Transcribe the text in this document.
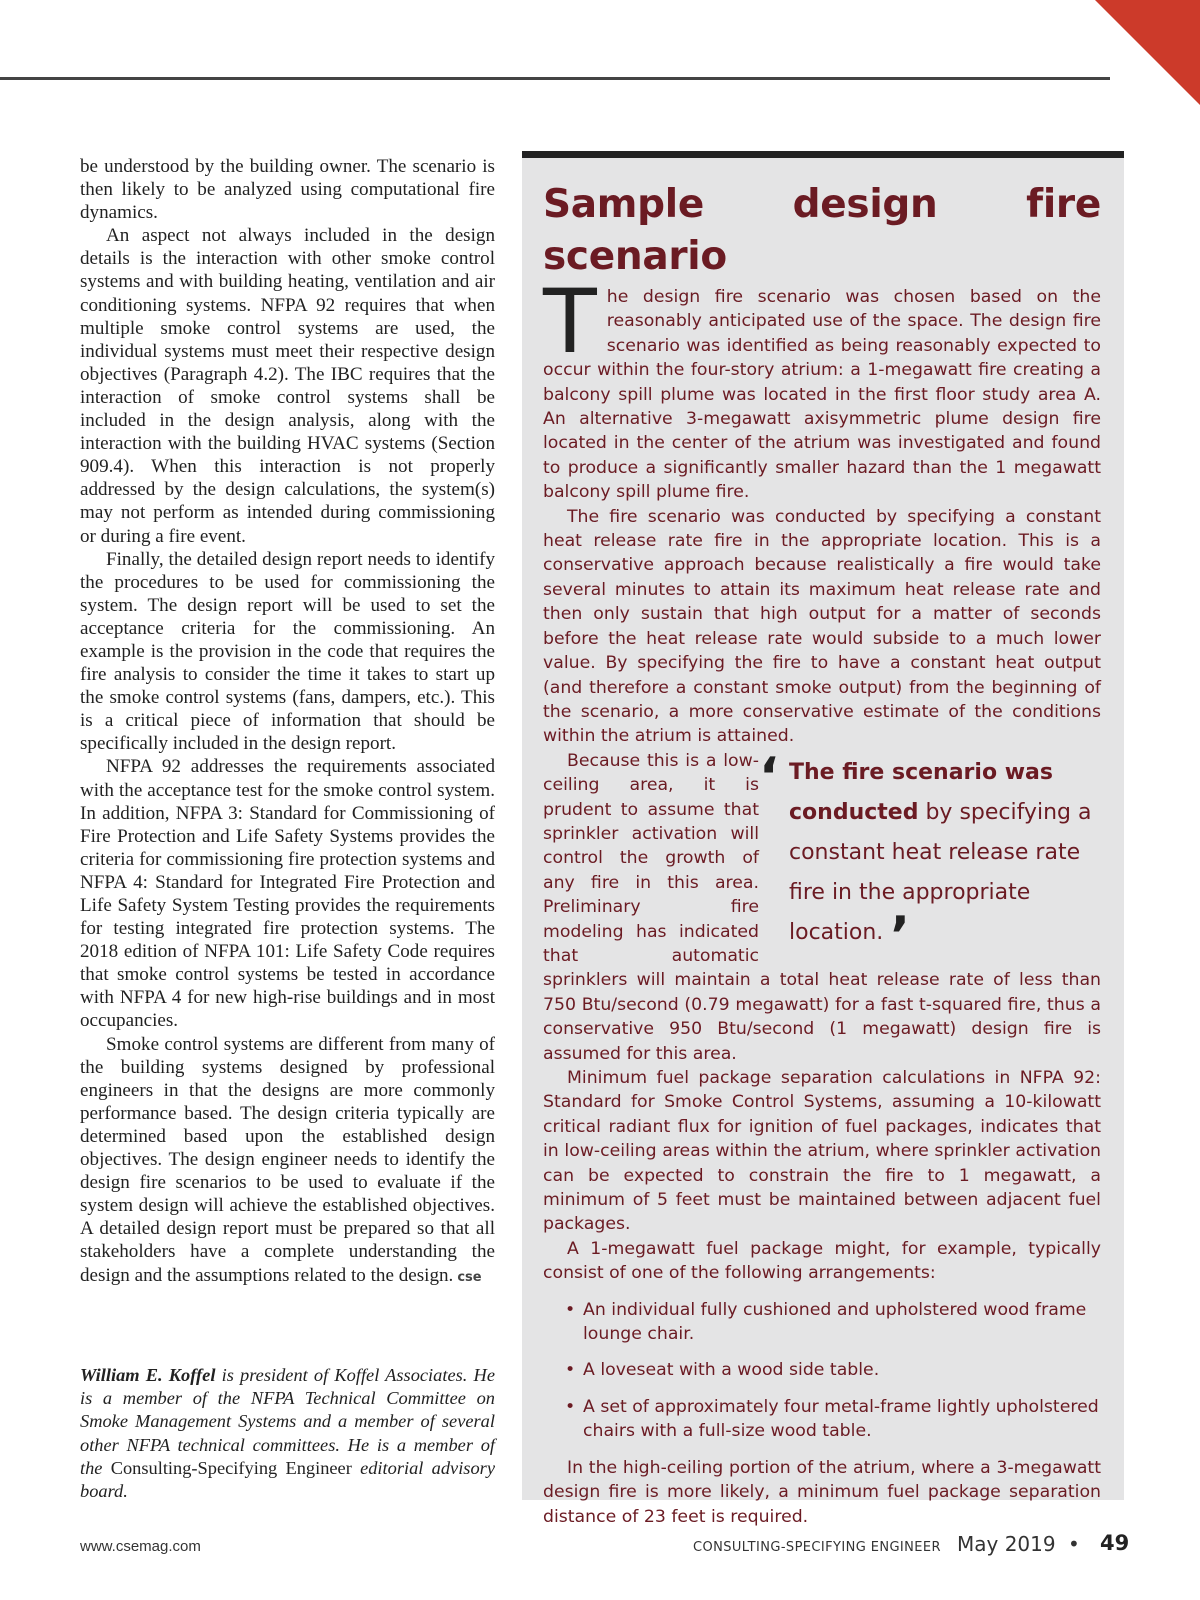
be understood by the building owner. The scenario is then likely to be analyzed using computational fire dynamics.

An aspect not always included in the design details is the interaction with other smoke control systems and with building heating, ventilation and air conditioning systems. NFPA 92 requires that when multiple smoke control systems are used, the individual systems must meet their respective design objectives (Paragraph 4.2). The IBC requires that the interaction of smoke control systems shall be included in the design analysis, along with the interaction with the building HVAC systems (Section 909.4). When this interaction is not properly addressed by the design calculations, the system(s) may not perform as intended during commissioning or during a fire event.

Finally, the detailed design report needs to identify the procedures to be used for commissioning the system. The design report will be used to set the acceptance criteria for the commissioning. An example is the provision in the code that requires the fire analysis to consider the time it takes to start up the smoke control systems (fans, dampers, etc.). This is a critical piece of information that should be specifically included in the design report.

NFPA 92 addresses the requirements associated with the acceptance test for the smoke control system. In addition, NFPA 3: Standard for Commissioning of Fire Protection and Life Safety Systems provides the criteria for commissioning fire protection systems and NFPA 4: Standard for Integrated Fire Protection and Life Safety System Testing provides the requirements for testing integrated fire protection systems. The 2018 edition of NFPA 101: Life Safety Code requires that smoke control systems be tested in accordance with NFPA 4 for new high-rise buildings and in most occupancies.

Smoke control systems are different from many of the building systems designed by professional engineers in that the designs are more commonly performance based. The design criteria typically are determined based upon the established design objectives. The design engineer needs to identify the design fire scenarios to be used to evaluate if the system design will achieve the established objectives. A detailed design report must be prepared so that all stakeholders have a complete understanding the design and the assumptions related to the design. cse

William E. Koffel is president of Koffel Associates. He is a member of the NFPA Technical Committee on Smoke Management Systems and a member of several other NFPA technical committees. He is a member of the Consulting-Specifying Engineer editorial advisory board.
Sample design fire scenario

The design fire scenario was chosen based on the reasonably anticipated use of the space. The design fire scenario was identified as being reasonably expected to occur within the four-story atrium: a 1-megawatt fire creating a balcony spill plume was located in the first floor study area A. An alternative 3-megawatt axisymmetric plume design fire located in the center of the atrium was investigated and found to produce a significantly smaller hazard than the 1 megawatt balcony spill plume fire.

The fire scenario was conducted by specifying a constant heat release rate fire in the appropriate location. This is a conservative approach because realistically a fire would take several minutes to attain its maximum heat release rate and then only sustain that high output for a matter of seconds before the heat release rate would subside to a much lower value. By specifying the fire to have a constant heat output (and therefore a constant smoke output) from the beginning of the scenario, a more conservative estimate of the conditions within the atrium is attained.

‘ The fire scenario was conducted by specifying a constant heat release rate fire in the appropriate location. ’

Because this is a low-ceiling area, it is prudent to assume that sprinkler activation will control the growth of any fire in this area. Preliminary fire modeling has indicated that automatic sprinklers will maintain a total heat release rate of less than 750 Btu/second (0.79 megawatt) for a fast t-squared fire, thus a conservative 950 Btu/second (1 megawatt) design fire is assumed for this area.

Minimum fuel package separation calculations in NFPA 92: Standard for Smoke Control Systems, assuming a 10-kilowatt critical radiant flux for ignition of fuel packages, indicates that in low-ceiling areas within the atrium, where sprinkler activation can be expected to constrain the fire to 1 megawatt, a minimum of 5 feet must be maintained between adjacent fuel packages.

A 1-megawatt fuel package might, for example, typically consist of one of the following arrangements:

• An individual fully cushioned and upholstered wood frame lounge chair.
• A loveseat with a wood side table.
• A set of approximately four metal-frame lightly upholstered chairs with a full-size wood table.

In the high-ceiling portion of the atrium, where a 3-megawatt design fire is more likely, a minimum fuel package separation distance of 23 feet is required.

www.csemag.com	CONSULTING-SPECIFYING ENGINEER May 2019 • 49
